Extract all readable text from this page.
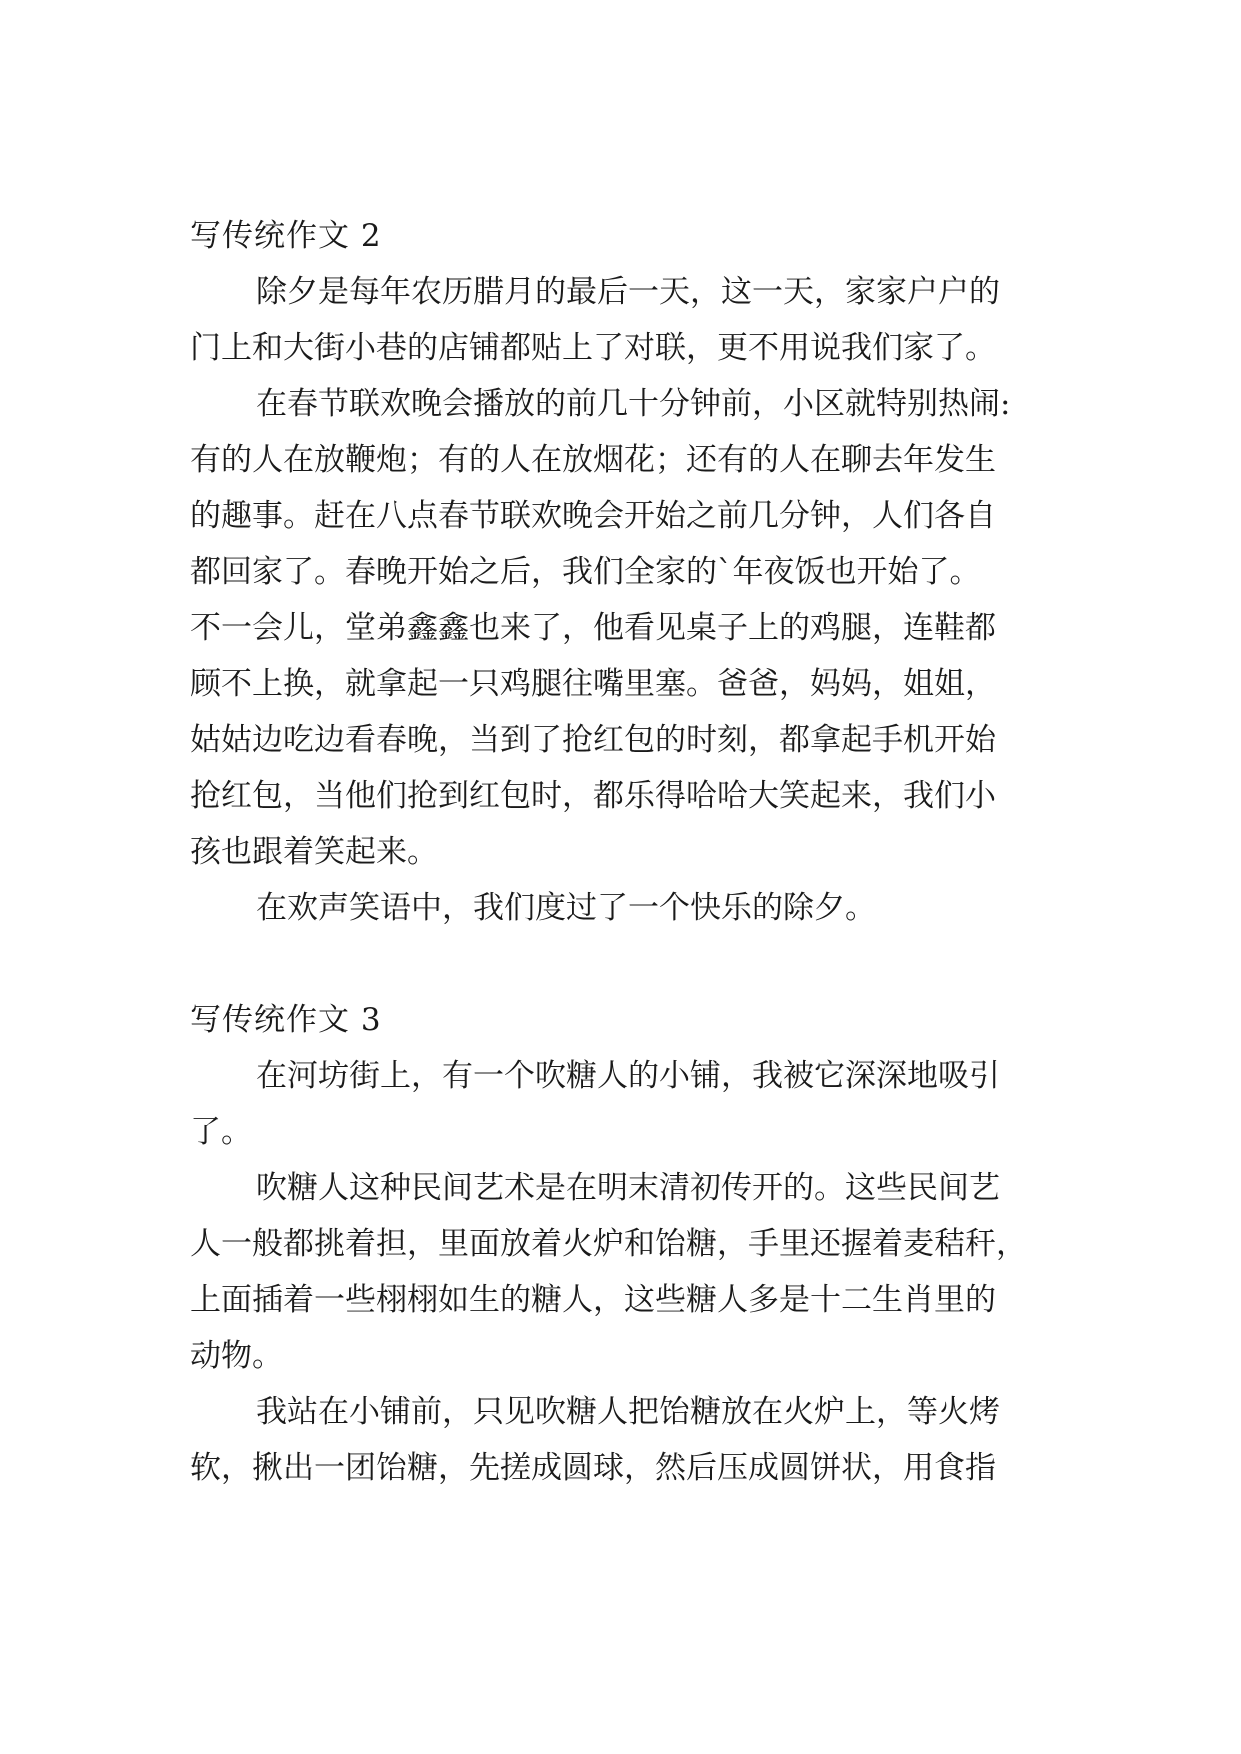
写传统作文 2
除夕是每年农历腊月的最后一天，这一天，家家户户的
门上和大街小巷的店铺都贴上了对联，更不用说我们家了。
在春节联欢晚会播放的前几十分钟前，小区就特别热闹:
有的人在放鞭炮；有的人在放烟花；还有的人在聊去年发生
的趣事。赶在八点春节联欢晚会开始之前几分钟，人们各自
都回家了。春晚开始之后，我们全家的`年夜饭也开始了。
不一会儿，堂弟鑫鑫也来了，他看见桌子上的鸡腿，连鞋都
顾不上换，就拿起一只鸡腿往嘴里塞。爸爸，妈妈，姐姐，
姑姑边吃边看春晚，当到了抢红包的时刻，都拿起手机开始
抢红包，当他们抢到红包时，都乐得哈哈大笑起来，我们小
孩也跟着笑起来。
在欢声笑语中，我们度过了一个快乐的除夕。
写传统作文 3
在河坊街上，有一个吹糖人的小铺，我被它深深地吸引
了。
吹糖人这种民间艺术是在明末清初传开的。这些民间艺
人一般都挑着担，里面放着火炉和饴糖，手里还握着麦秸秆，
上面插着一些栩栩如生的糖人，这些糖人多是十二生肖里的
动物。
我站在小铺前，只见吹糖人把饴糖放在火炉上，等火烤
软，揪出一团饴糖，先搓成圆球，然后压成圆饼状，用食指
